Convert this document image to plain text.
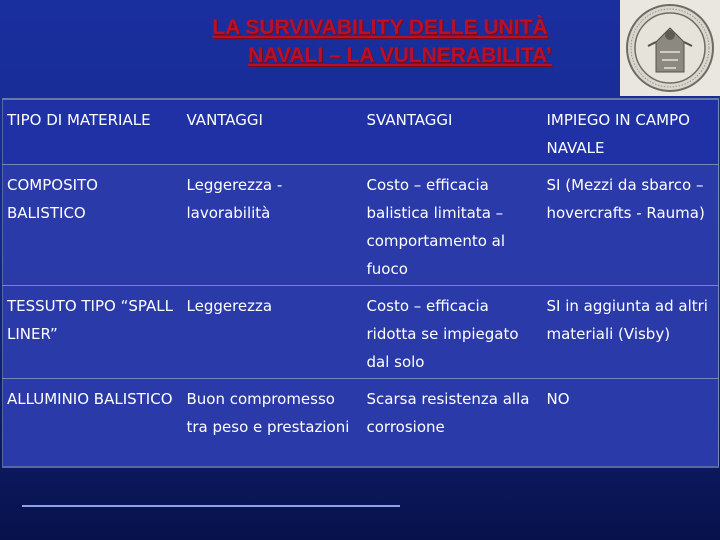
LA SURVIVABILITY DELLE UNITÀ
NAVALI – LA VULNERABILITA’
TIPO DI MATERIALE	VANTAGGI	SVANTAGGI	IMPIEGO IN CAMPO NAVALE
COMPOSITO BALISTICO	Leggerezza - lavorabilità	Costo – efficacia balistica limitata – comportamento al fuoco	SI (Mezzi da sbarco – hovercrafts - Rauma)
TESSUTO TIPO “SPALL LINER”	Leggerezza	Costo – efficacia ridotta se impiegato dal solo	SI in aggiunta ad altri materiali (Visby)
ALLUMINIO BALISTICO	Buon compromesso tra peso e prestazioni	Scarsa resistenza alla corrosione	NO
